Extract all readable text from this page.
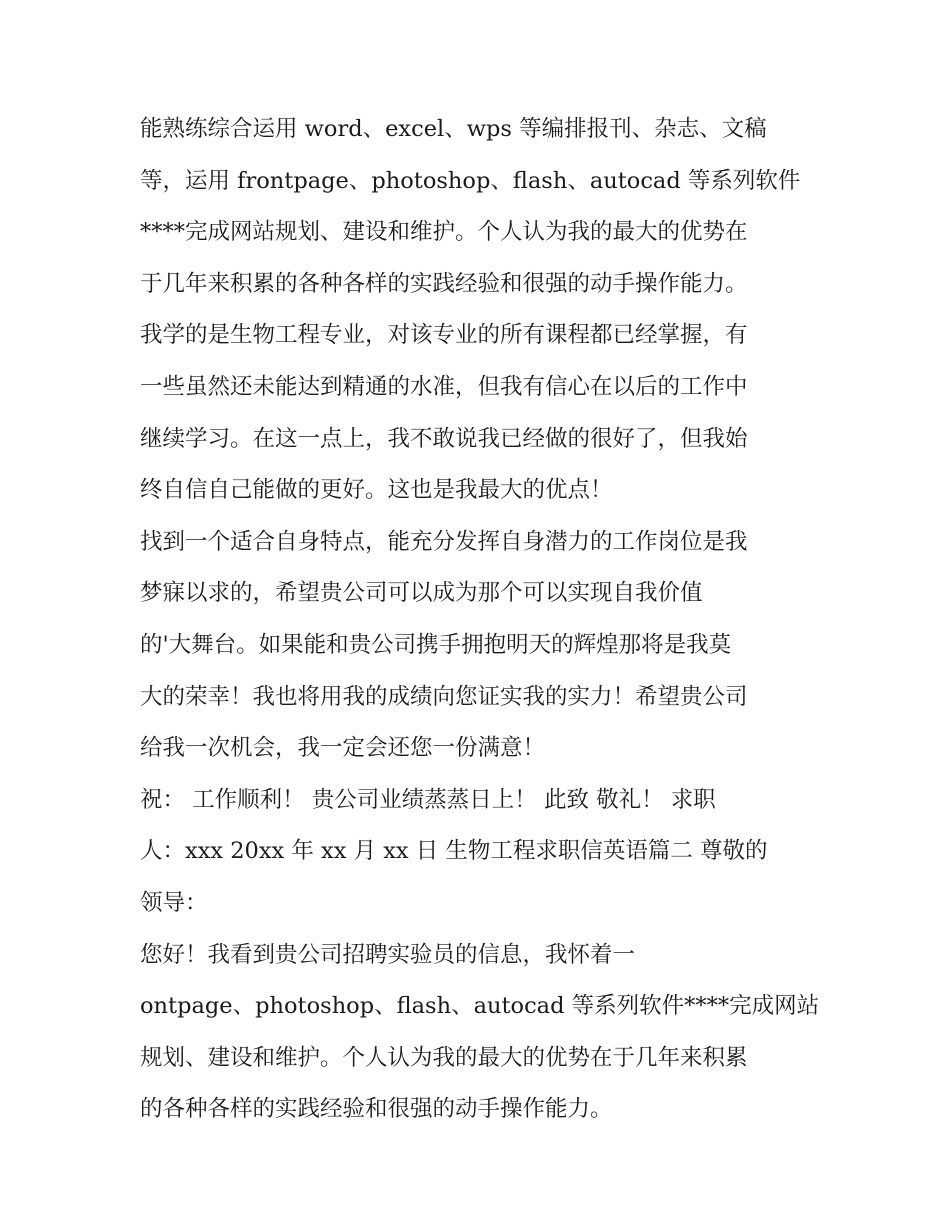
能熟练综合运用 word、excel、wps 等编排报刊、杂志、文稿
等，运用 frontpage、photoshop、flash、autocad 等系列软件
****完成网站规划、建设和维护。个人认为我的最大的优势在
于几年来积累的各种各样的实践经验和很强的动手操作能力。
我学的是生物工程专业，对该专业的所有课程都已经掌握，有
一些虽然还未能达到精通的水准，但我有信心在以后的工作中
继续学习。在这一点上，我不敢说我已经做的很好了，但我始
终自信自己能做的更好。这也是我最大的优点！
找到一个适合自身特点，能充分发挥自身潜力的工作岗位是我
梦寐以求的，希望贵公司可以成为那个可以实现自我价值
的'大舞台。如果能和贵公司携手拥抱明天的辉煌那将是我莫
大的荣幸！我也将用我的成绩向您证实我的实力！希望贵公司
给我一次机会，我一定会还您一份满意！
祝： 工作顺利！ 贵公司业绩蒸蒸日上！ 此致 敬礼！ 求职
人：xxx 20xx 年 xx 月 xx 日 生物工程求职信英语篇二 尊敬的
领导：
您好！我看到贵公司招聘实验员的信息，我怀着一
ontpage、photoshop、flash、autocad 等系列软件****完成网站
规划、建设和维护。个人认为我的最大的优势在于几年来积累
的各种各样的实践经验和很强的动手操作能力。
